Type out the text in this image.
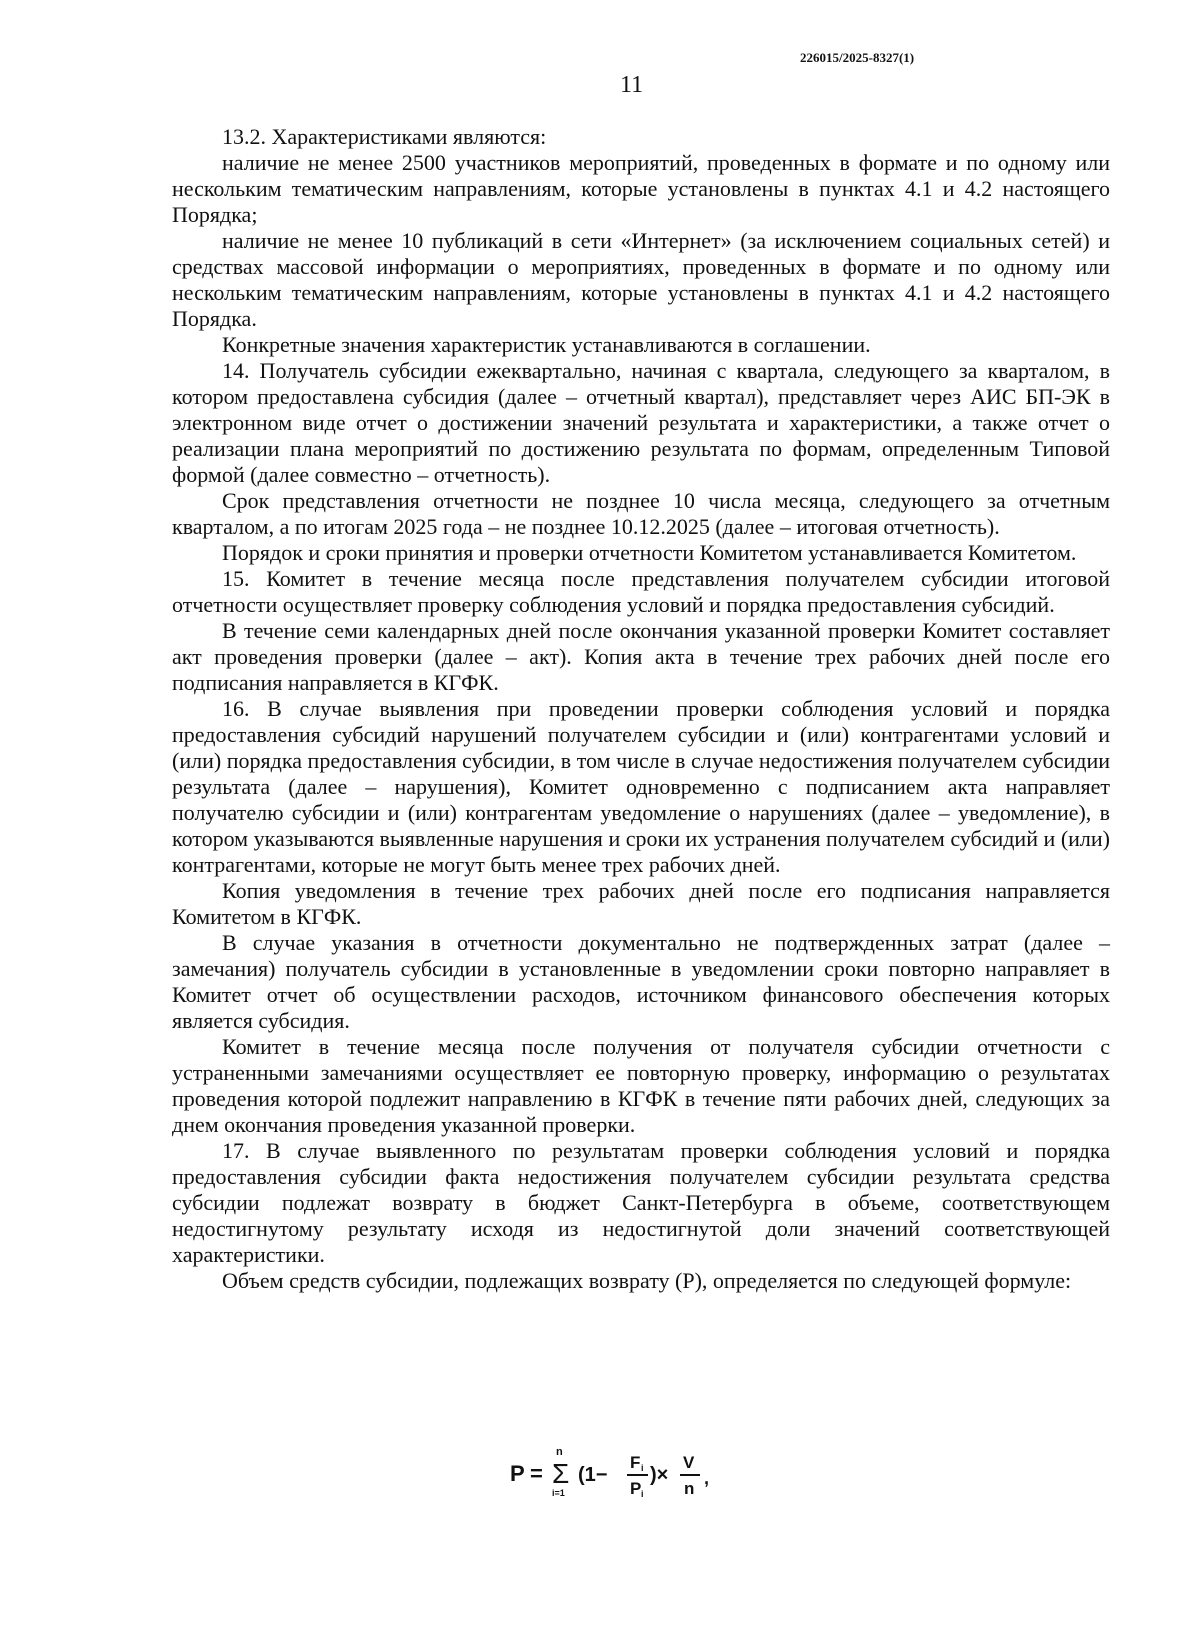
226015/2025-8327(1)
11

13.2. Характеристиками являются:

наличие не менее 2500 участников мероприятий, проведенных в формате и по одному или нескольким тематическим направлениям, которые установлены в пунктах 4.1 и 4.2 настоящего Порядка;

наличие не менее 10 публикаций в сети «Интернет» (за исключением социальных сетей) и средствах массовой информации о мероприятиях, проведенных в формате и по одному или нескольким тематическим направлениям, которые установлены в пунктах 4.1 и 4.2 настоящего Порядка.

Конкретные значения характеристик устанавливаются в соглашении.

14. Получатель субсидии ежеквартально, начиная с квартала, следующего за кварталом, в котором предоставлена субсидия (далее – отчетный квартал), представляет через АИС БП-ЭК в электронном виде отчет о достижении значений результата и характеристики, а также отчет о реализации плана мероприятий по достижению результата по формам, определенным Типовой формой (далее совместно – отчетность).

Срок представления отчетности не позднее 10 числа месяца, следующего за отчетным кварталом, а по итогам 2025 года – не позднее 10.12.2025 (далее – итоговая отчетность).

Порядок и сроки принятия и проверки отчетности Комитетом устанавливается Комитетом.

15. Комитет в течение месяца после представления получателем субсидии итоговой отчетности осуществляет проверку соблюдения условий и порядка предоставления субсидий.

В течение семи календарных дней после окончания указанной проверки Комитет составляет акт проведения проверки (далее – акт). Копия акта в течение трех рабочих дней после его подписания направляется в КГФК.

16. В случае выявления при проведении проверки соблюдения условий и порядка предоставления субсидий нарушений получателем субсидии и (или) контрагентами условий и (или) порядка предоставления субсидии, в том числе в случае недостижения получателем субсидии результата (далее – нарушения), Комитет одновременно с подписанием акта направляет получателю субсидии и (или) контрагентам уведомление о нарушениях (далее – уведомление), в котором указываются выявленные нарушения и сроки их устранения получателем субсидий и (или) контрагентами, которые не могут быть менее трех рабочих дней.

Копия уведомления в течение трех рабочих дней после его подписания направляется Комитетом в КГФК.

В случае указания в отчетности документально не подтвержденных затрат (далее – замечания) получатель субсидии в установленные в уведомлении сроки повторно направляет в Комитет отчет об осуществлении расходов, источником финансового обеспечения которых является субсидия.

Комитет в течение месяца после получения от получателя субсидии отчетности с устраненными замечаниями осуществляет ее повторную проверку, информацию о результатах проведения которой подлежит направлению в КГФК в течение пяти рабочих дней, следующих за днем окончания проведения указанной проверки.

17. В случае выявленного по результатам проверки соблюдения условий и порядка предоставления субсидии факта недостижения получателем субсидии результата средства субсидии подлежат возврату в бюджет Санкт-Петербурга в объеме, соответствующем недостигнутому результату исходя из недостигнутой доли значений соответствующей характеристики.

Объем средств субсидии, подлежащих возврату (Р), определяется по следующей формуле:

P =
n
Σ
i=1
(1−
F i
P i
)×
V
n
,
